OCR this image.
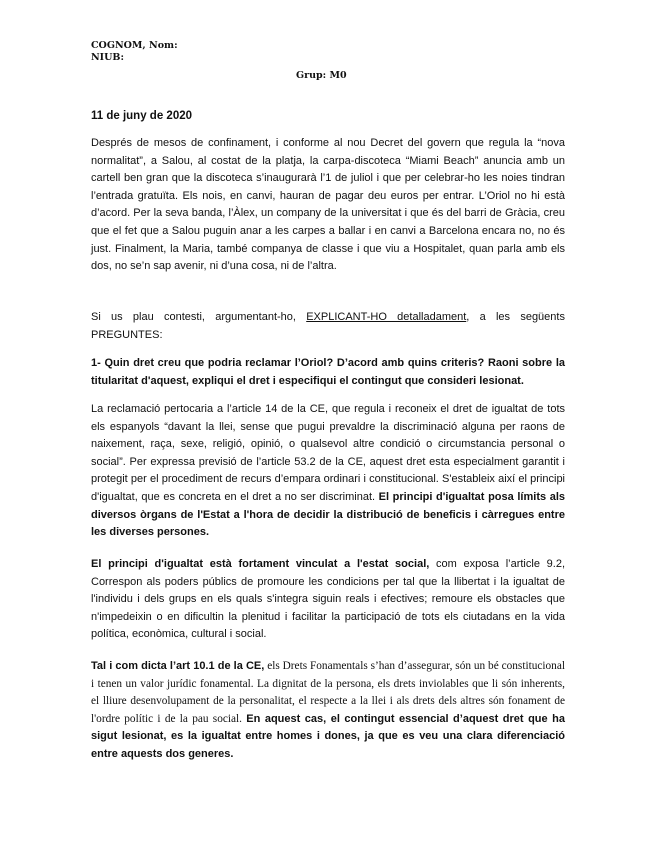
COGNOM, Nom:
NIUB:
Grup: M0
11 de juny de 2020

Després de mesos de confinament, i conforme al nou Decret del govern que regula la “nova normalitat”, a Salou, al costat de la platja, la carpa-discoteca “Miami Beach” anuncia amb un cartell ben gran que la discoteca s’inaugurarà l’1 de juliol i que per celebrar-ho les noies tindran l’entrada gratuïta. Els nois, en canvi, hauran de pagar deu euros per entrar. L’Oriol no hi està d’acord. Per la seva banda, l’Àlex, un company de la universitat i que és del barri de Gràcia, creu que el fet que a Salou puguin anar a les carpes a ballar i en canvi a Barcelona encara no, no és just. Finalment, la Maria, també companya de classe i que viu a Hospitalet, quan parla amb els dos, no se’n sap avenir, ni d’una cosa, ni de l’altra.

Si us plau contesti, argumentant-ho, EXPLICANT-HO detalladament, a les següents PREGUNTES:

1- Quin dret creu que podria reclamar l’Oriol? D’acord amb quins criteris? Raoni sobre la titularitat d'aquest, expliqui el dret i especifiqui el contingut que consideri lesionat.

La reclamació pertocaria a l’article 14 de la CE, que regula i reconeix el dret de igualtat de tots els espanyols “davant la llei, sense que pugui prevaldre la discriminació alguna per raons de naixement, raça, sexe, religió, opinió, o qualsevol altre condició o circumstancia personal o social”. Per expressa previsió de l’article 53.2 de la CE, aquest dret esta especialment garantit i protegit per el procediment de recurs d’empara ordinari i constitucional. S'estableix així el principi d'igualtat, que es concreta en el dret a no ser discriminat. El principi d'igualtat posa límits als diversos òrgans de l'Estat a l'hora de decidir la distribució de beneficis i càrregues entre les diverses persones.

El principi d'igualtat està fortament vinculat a l'estat social, com exposa l’article 9.2, Correspon als poders públics de promoure les condicions per tal que la llibertat i la igualtat de l'individu i dels grups en els quals s'integra siguin reals i efectives; remoure els obstacles que n'impedeixin o en dificultin la plenitud i facilitar la participació de tots els ciutadans en la vida política, econòmica, cultural i social.

Tal i com dicta l’art 10.1 de la CE, els Drets Fonamentals s’han d’assegurar, són un bé constitucional i tenen un valor jurídic fonamental. La dignitat de la persona, els drets inviolables que li són inherents, el lliure desenvolupament de la personalitat, el respecte a la llei i als drets dels altres són fonament de l'ordre polític i de la pau social. En aquest cas, el contingut essencial d’aquest dret que ha sigut lesionat, es la igualtat entre homes i dones, ja que es veu una clara diferenciació entre aquests dos generes.
